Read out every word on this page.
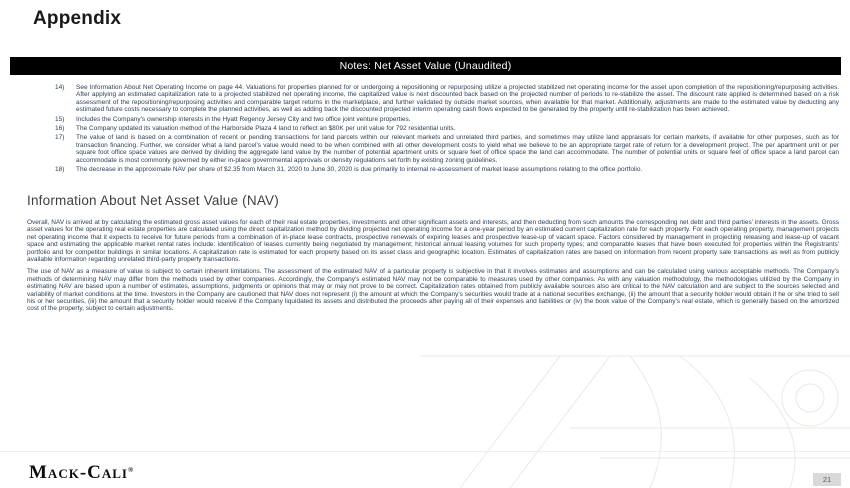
Appendix
Notes: Net Asset Value (Unaudited)
14)	See Information About Net Operating Income on page 44. Valuations for properties planned for or undergoing a repositioning or repurposing utilize a projected stabilized net operating income for the asset upon completion of the repositioning/repurposing activities. After applying an estimated capitalization rate to a projected stabilized net operating income, the capitalized value is next discounted back based on the projected number of periods to re-stabilize the asset. The discount rate applied is determined based on a risk assessment of the repositioning/repurposing activities and comparable target returns in the marketplace, and further validated by outside market sources, when available for that market. Additionally, adjustments are made to the estimated value by deducting any estimated future costs necessary to complete the planned activities, as well as adding back the discounted projected interim operating cash flows expected to be generated by the property until re-stabilization has been achieved.
15)	Includes the Company's ownership interests in the Hyatt Regency Jersey City and two office joint venture properties.
16)	The Company updated its valuation method of the Harborside Plaza 4 land to reflect an $80K per unit value for 792 residential units.
17)	The value of land is based on a combination of recent or pending transactions for land parcels within our relevant markets and unrelated third parties, and sometimes may utilize land appraisals for certain markets, if available for other purposes, such as for transaction financing. Further, we consider what a land parcel's value would need to be when combined with all other development costs to yield what we believe to be an appropriate target rate of return for a development project. The per apartment unit or per square foot office space values are derived by dividing the aggregate land value by the number of potential apartment units or square feet of office space the land can accommodate. The number of potential units or square feet of office space a land parcel can accommodate is most commonly governed by either in-place governmental approvals or density regulations set forth by existing zoning guidelines.
18)	The decrease in the approximate NAV per share of $2.35 from March 31, 2020 to June 30, 2020 is due primarily to internal re-assessment of market lease assumptions relating to the office portfolio.
Information About Net Asset Value (NAV)

Overall, NAV is arrived at by calculating the estimated gross asset values for each of their real estate properties, investments and other significant assets and interests, and then deducting from such amounts the corresponding net debt and third parties' interests in the assets. Gross asset values for the operating real estate properties are calculated using the direct capitalization method by dividing projected net operating income for a one-year period by an estimated current capitalization rate for each property. For each operating property, management projects net operating income that it expects to receive for future periods from a combination of in-place lease contracts, prospective renewals of expiring leases and prospective lease-up of vacant space. Factors considered by management in projecting releasing and lease-up of vacant space and estimating the applicable market rental rates include: identification of leases currently being negotiated by management; historical annual leasing volumes for such property types; and comparable leases that have been executed for properties within the Registrants' portfolio and for competitor buildings in similar locations. A capitalization rate is estimated for each property based on its asset class and geographic location. Estimates of capitalization rates are based on information from recent property sale transactions as well as from publicly available information regarding unrelated third-party property transactions.

The use of NAV as a measure of value is subject to certain inherent limitations. The assessment of the estimated NAV of a particular property is subjective in that it involves estimates and assumptions and can be calculated using various acceptable methods. The Company's methods of determining NAV may differ from the methods used by other companies. Accordingly, the Company's estimated NAV may not be comparable to measures used by other companies. As with any valuation methodology, the methodologies utilized by the Company in estimating NAV are based upon a number of estimates, assumptions, judgments or opinions that may or may not prove to be correct. Capitalization rates obtained from publicly available sources also are critical to the NAV calculation and are subject to the sources selected and variability of market conditions at the time. Investors in the Company are cautioned that NAV does not represent (i) the amount at which the Company's securities would trade at a national securities exchange, (ii) the amount that a security holder would obtain if he or she tried to sell his or her securities, (iii) the amount that a security holder would receive if the Company liquidated its assets and distributed the proceeds after paying all of their expenses and liabilities or (iv) the book value of the Company's real estate, which is generally based on the amortized cost of the property, subject to certain adjustments.

Mack-Cali®
21
